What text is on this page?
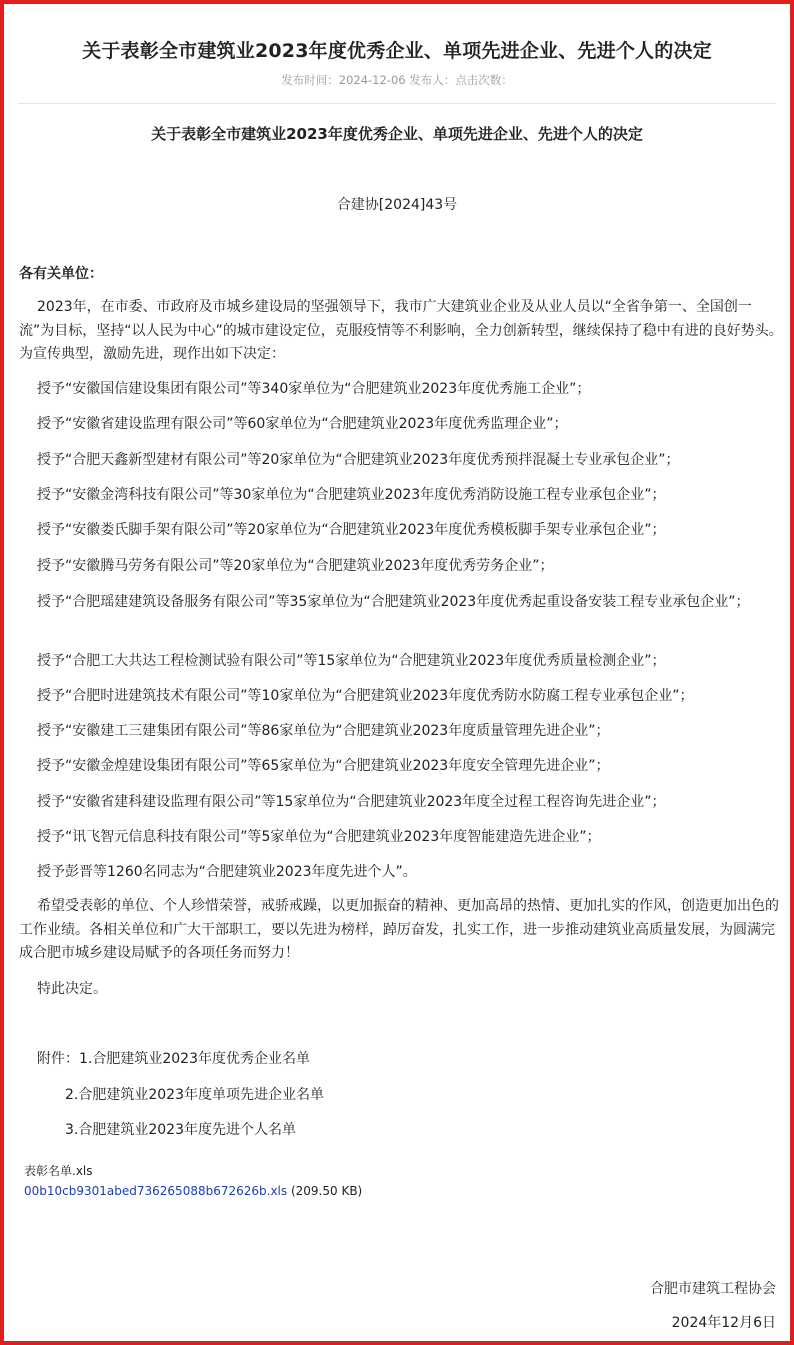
关于表彰全市建筑业2023年度优秀企业、单项先进企业、先进个人的决定
发布时间：2024-12-06 发布人：点击次数：
关于表彰全市建筑业2023年度优秀企业、单项先进企业、先进个人的决定
合建协[2024]43号
各有关单位：

2023年，在市委、市政府及市城乡建设局的坚强领导下，我市广大建筑业企业及从业人员以“全省争第一、全国创一流”为目标，坚持“以人民为中心”的城市建设定位，克服疫情等不利影响，全力创新转型，继续保持了稳中有进的良好势头。为宣传典型，激励先进，现作出如下决定：

授予“安徽国信建设集团有限公司”等340家单位为“合肥建筑业2023年度优秀施工企业”；

授予“安徽省建设监理有限公司”等60家单位为“合肥建筑业2023年度优秀监理企业”；

授予“合肥天鑫新型建材有限公司”等20家单位为“合肥建筑业2023年度优秀预拌混凝土专业承包企业”；

授予“安徽金湾科技有限公司”等30家单位为“合肥建筑业2023年度优秀消防设施工程专业承包企业”；

授予“安徽娄氏脚手架有限公司”等20家单位为“合肥建筑业2023年度优秀模板脚手架专业承包企业”；

授予“安徽腾马劳务有限公司”等20家单位为“合肥建筑业2023年度优秀劳务企业”；

授予“合肥瑶建建筑设备服务有限公司”等35家单位为“合肥建筑业2023年度优秀起重设备安装工程专业承包企业”；

授予“合肥工大共达工程检测试验有限公司”等15家单位为“合肥建筑业2023年度优秀质量检测企业”；

授予“合肥时进建筑技术有限公司”等10家单位为“合肥建筑业2023年度优秀防水防腐工程专业承包企业”；

授予“安徽建工三建集团有限公司”等86家单位为“合肥建筑业2023年度质量管理先进企业”；

授予“安徽金煌建设集团有限公司”等65家单位为“合肥建筑业2023年度安全管理先进企业”；

授予“安徽省建科建设监理有限公司”等15家单位为“合肥建筑业2023年度全过程工程咨询先进企业”；

授予“讯飞智元信息科技有限公司”等5家单位为“合肥建筑业2023年度智能建造先进企业”；

授予彭晋等1260名同志为“合肥建筑业2023年度先进个人”。

希望受表彰的单位、个人珍惜荣誉，戒骄戒躁，以更加振奋的精神、更加高昂的热情、更加扎实的作风，创造更加出色的工作业绩。各相关单位和广大干部职工，要以先进为榜样，踔厉奋发，扎实工作，进一步推动建筑业高质量发展，为圆满完成合肥市城乡建设局赋予的各项任务而努力！

特此决定。

附件：1.合肥建筑业2023年度优秀企业名单
2.合肥建筑业2023年度单项先进企业名单
3.合肥建筑业2023年度先进个人名单
表彰名单.xls
00b10cb9301abed736265088b672626b.xls (209.50 KB)
合肥市建筑工程协会
2024年12月6日
